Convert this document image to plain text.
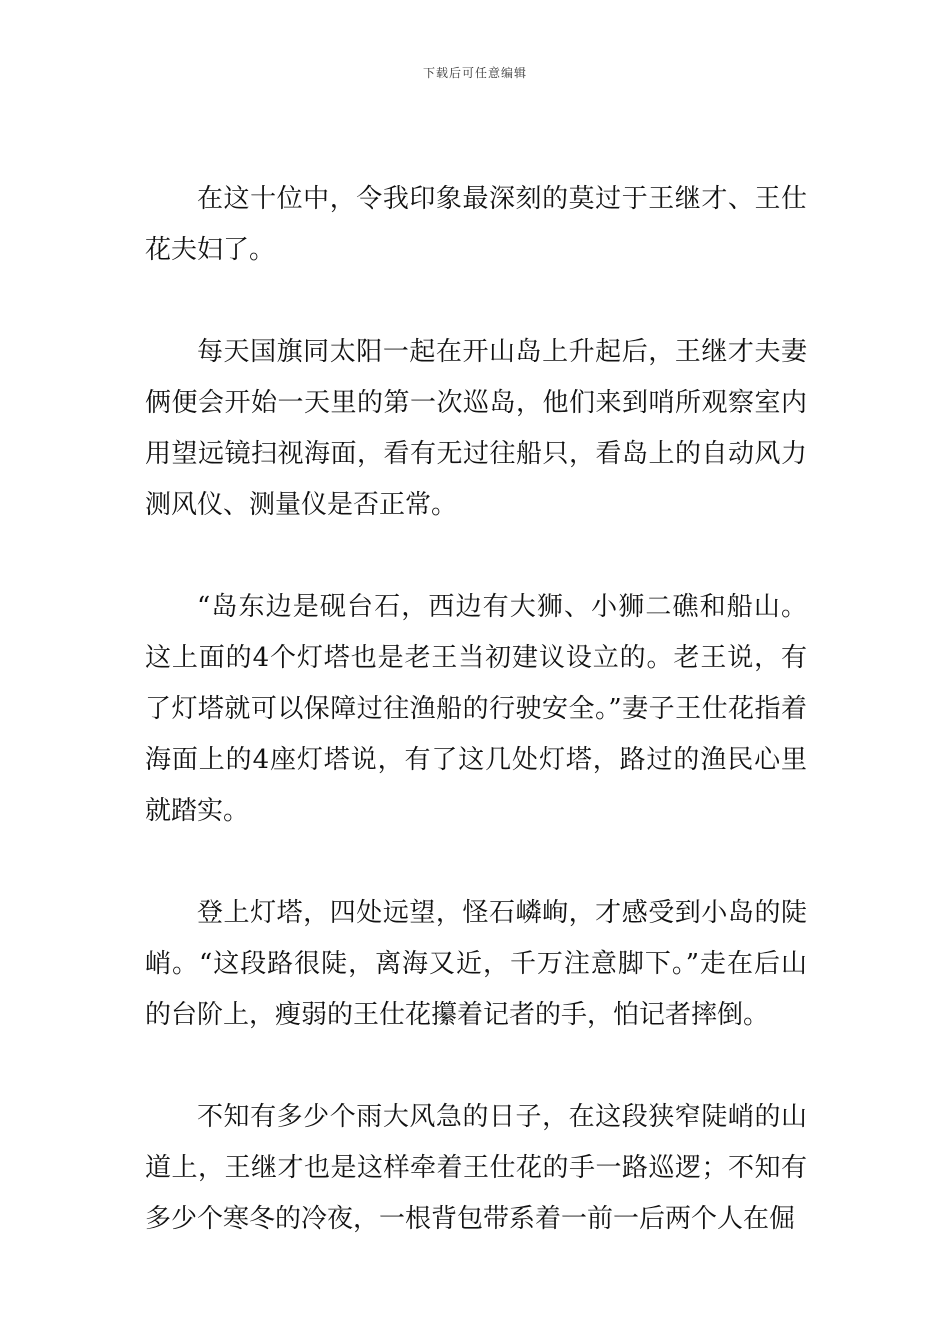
下载后可任意编辑

在这十位中，令我印象最深刻的莫过于王继才、王仕花夫妇了。

每天国旗同太阳一起在开山岛上升起后，王继才夫妻俩便会开始一天里的第一次巡岛，他们来到哨所观察室内用望远镜扫视海面，看有无过往船只，看岛上的自动风力测风仪、测量仪是否正常。

“岛东边是砚台石，西边有大狮、小狮二礁和船山。这上面的4个灯塔也是老王当初建议设立的。老王说，有了灯塔就可以保障过往渔船的行驶安全。”妻子王仕花指着海面上的4座灯塔说，有了这几处灯塔，路过的渔民心里就踏实。

登上灯塔，四处远望，怪石嶙峋，才感受到小岛的陡峭。“这段路很陡，离海又近，千万注意脚下。”走在后山的台阶上，瘦弱的王仕花攥着记者的手，怕记者摔倒。

不知有多少个雨大风急的日子，在这段狭窄陡峭的山道上，王继才也是这样牵着王仕花的手一路巡逻；不知有多少个寒冬的冷夜，一根背包带系着一前一后两个人在倔
